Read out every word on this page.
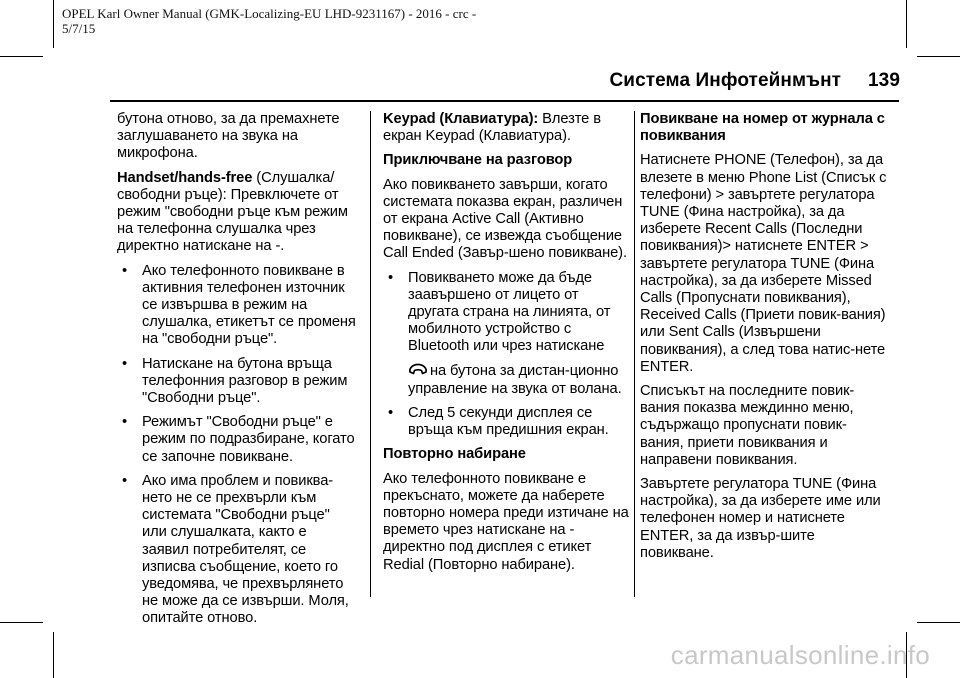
OPEL Karl Owner Manual (GMK-Localizing-EU LHD-9231167) - 2016 - crc -
5/7/15
Система Инфотейнмънт 139

бутона отново, за да премахнете заглушаването на звука на микрофона.

Handset/hands-free (Слушалка/ свободни ръце): Превключете от режим "свободни ръце към режим на телефонна слушалка чрез директно натискане на -.

• Ако телефонното повикване в активния телефонен източник се извършва в режим на слушалка, етикетът се променя на "свободни ръце".

• Натискане на бутона връща телефонния разговор в режим "Свободни ръце".

• Режимът "Свободни ръце" е режим по подразбиране, когато се започне повикване.

• Ако има проблем и повиква-нето не се прехвърли към системата "Свободни ръце" или слушалката, както е заявил потребителят, се изписва съобщение, което го уведомява, че прехвърлянето не може да се извърши. Моля, опитайте отново.

Keypad (Клавиатура): Влезте в екран Keypad (Клавиатура).

Приключване на разговор

Ако повикването завърши, когато системата показва екран, различен от екрана Active Call (Активно повикване), се извежда съобщение Call Ended (Завър-шено повикване).

• Повикването може да бъде заавършено от лицето от другата страна на линията, от мобилното устройство с Bluetooth или чрез натискане

на бутона за дистан-ционно управление на звука от волана.

• След 5 секунди дисплея се връща към предишния екран.

Повторно набиране

Ако телефонното повикване е прекъснато, можете да наберете повторно номера преди изтичане на времето чрез натискане на - директно под дисплея с етикет Redial (Повторно набиране).

Повикване на номер от журнала с повиквания

Натиснете PHONE (Телефон), за да влезете в меню Phone List (Списък с телефони) > завъртете регулатора TUNE (Фина настройка), за да изберете Recent Calls (Последни повиквания)> натиснете ENTER > завъртете регулатора TUNE (Фина настройка), за да изберете Missed Calls (Пропуснати повиквания), Received Calls (Приети повик-вания) или Sent Calls (Извършени повиквания), а след това натис-нете ENTER.

Списъкът на последните повик-вания показва междинно меню, съдържащо пропуснати повик-вания, приети повиквания и направени повиквания.

Завъртете регулатора TUNE (Фина настройка), за да изберете име или телефонен номер и натиснете ENTER, за да извър-шите повикване.

carmanualsonline.info
